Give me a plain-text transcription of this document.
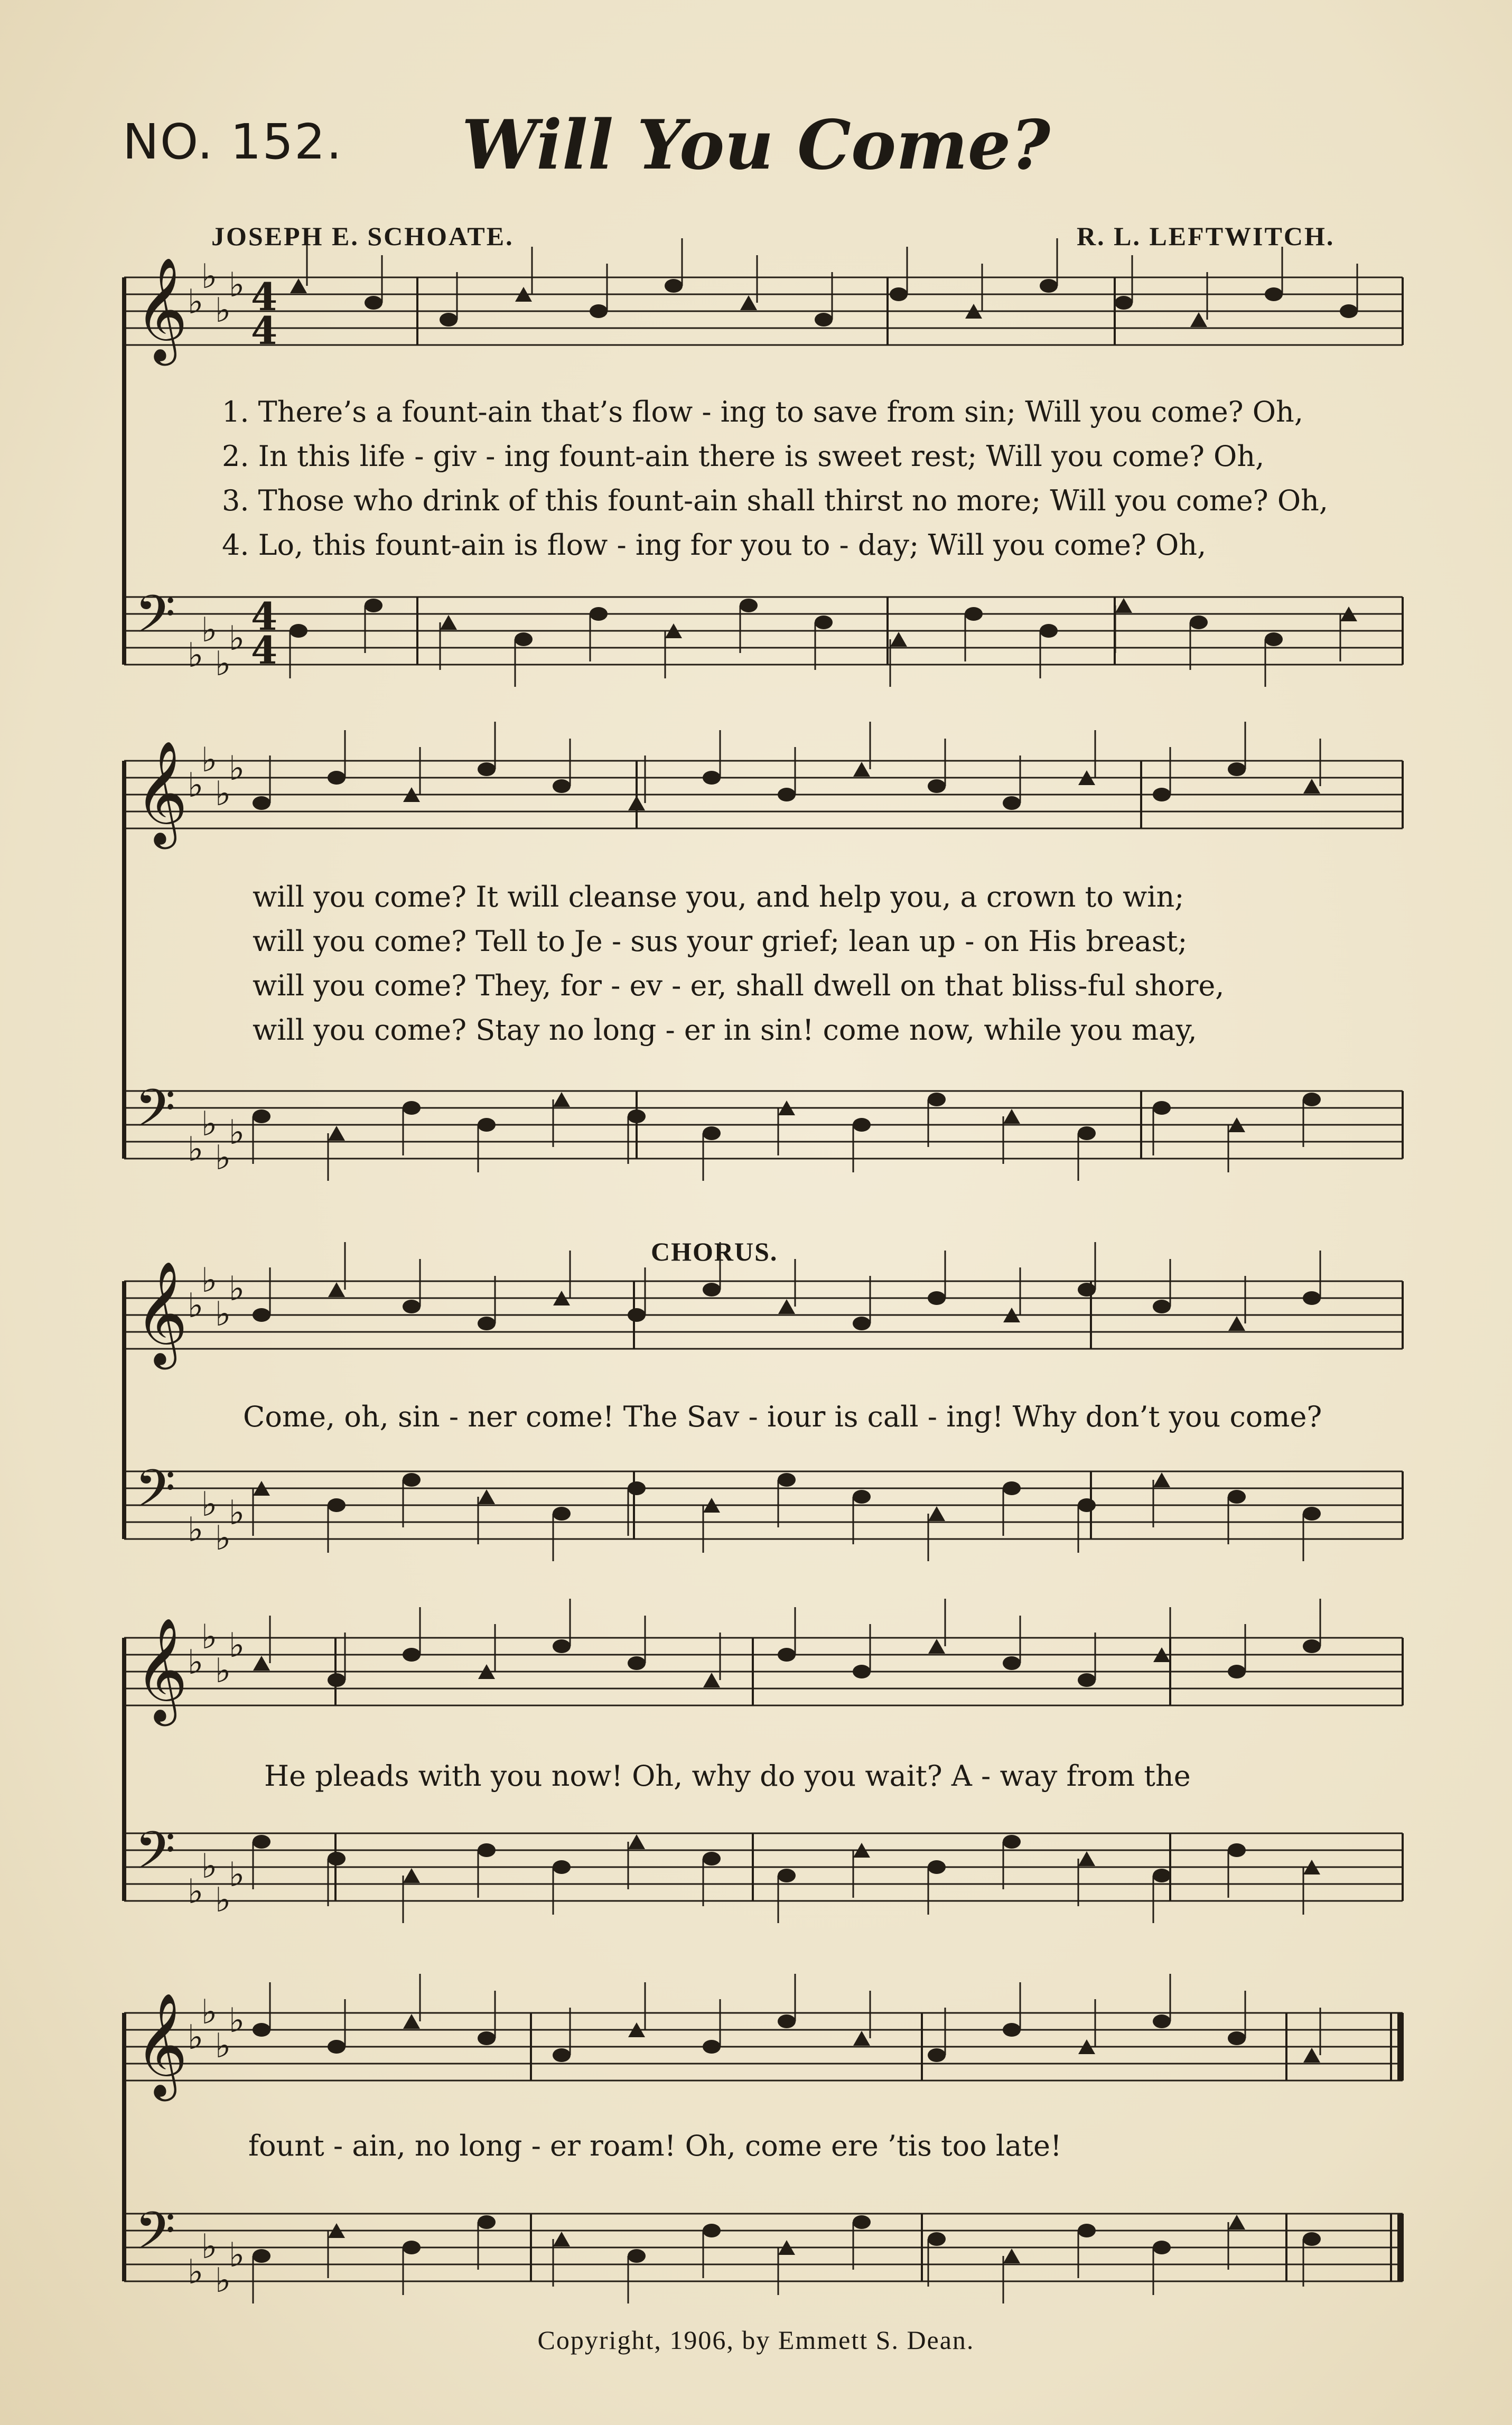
NO. 152.	Will You Come?
JOSEPH E. SCHOATE.	R. L. LEFTWITCH.
𝄞 ♭
♭
♭
♭ 4
4
𝄢 ♭
♭
♭
♭ 4
4
𝄞 ♭
♭
♭
♭
𝄢 ♭
♭
♭
♭
𝄞 ♭
♭
♭
♭
𝄢 ♭
♭
♭
♭
𝄞 ♭
♭
♭
♭
𝄢 ♭
♭
♭
♭
𝄞 ♭
♭
♭
♭
𝄢 ♭
♭
♭
♭
1. There’s a fount-ain that’s flow - ing to save from sin; Will you come? Oh,
2. In this life - giv - ing fount-ain there is sweet rest; Will you come? Oh,
3. Those who drink of this fount-ain shall thirst no more; Will you come? Oh,
4. Lo, this fount-ain is flow - ing for you to - day; Will you come? Oh,
will you come? It will cleanse you, and help you, a crown to win;
will you come? Tell to Je - sus your grief; lean up - on His breast;
will you come? They, for - ev - er, shall dwell on that bliss-ful shore,
will you come? Stay no long - er in sin! come now, while you may,
CHORUS.
Come, oh, sin - ner come! The Sav - iour is call - ing! Why don’t you come?
He pleads with you now! Oh, why do you wait? A - way from the
fount - ain, no long - er roam! Oh, come ere ’tis too late!
Copyright, 1906, by Emmett S. Dean.
